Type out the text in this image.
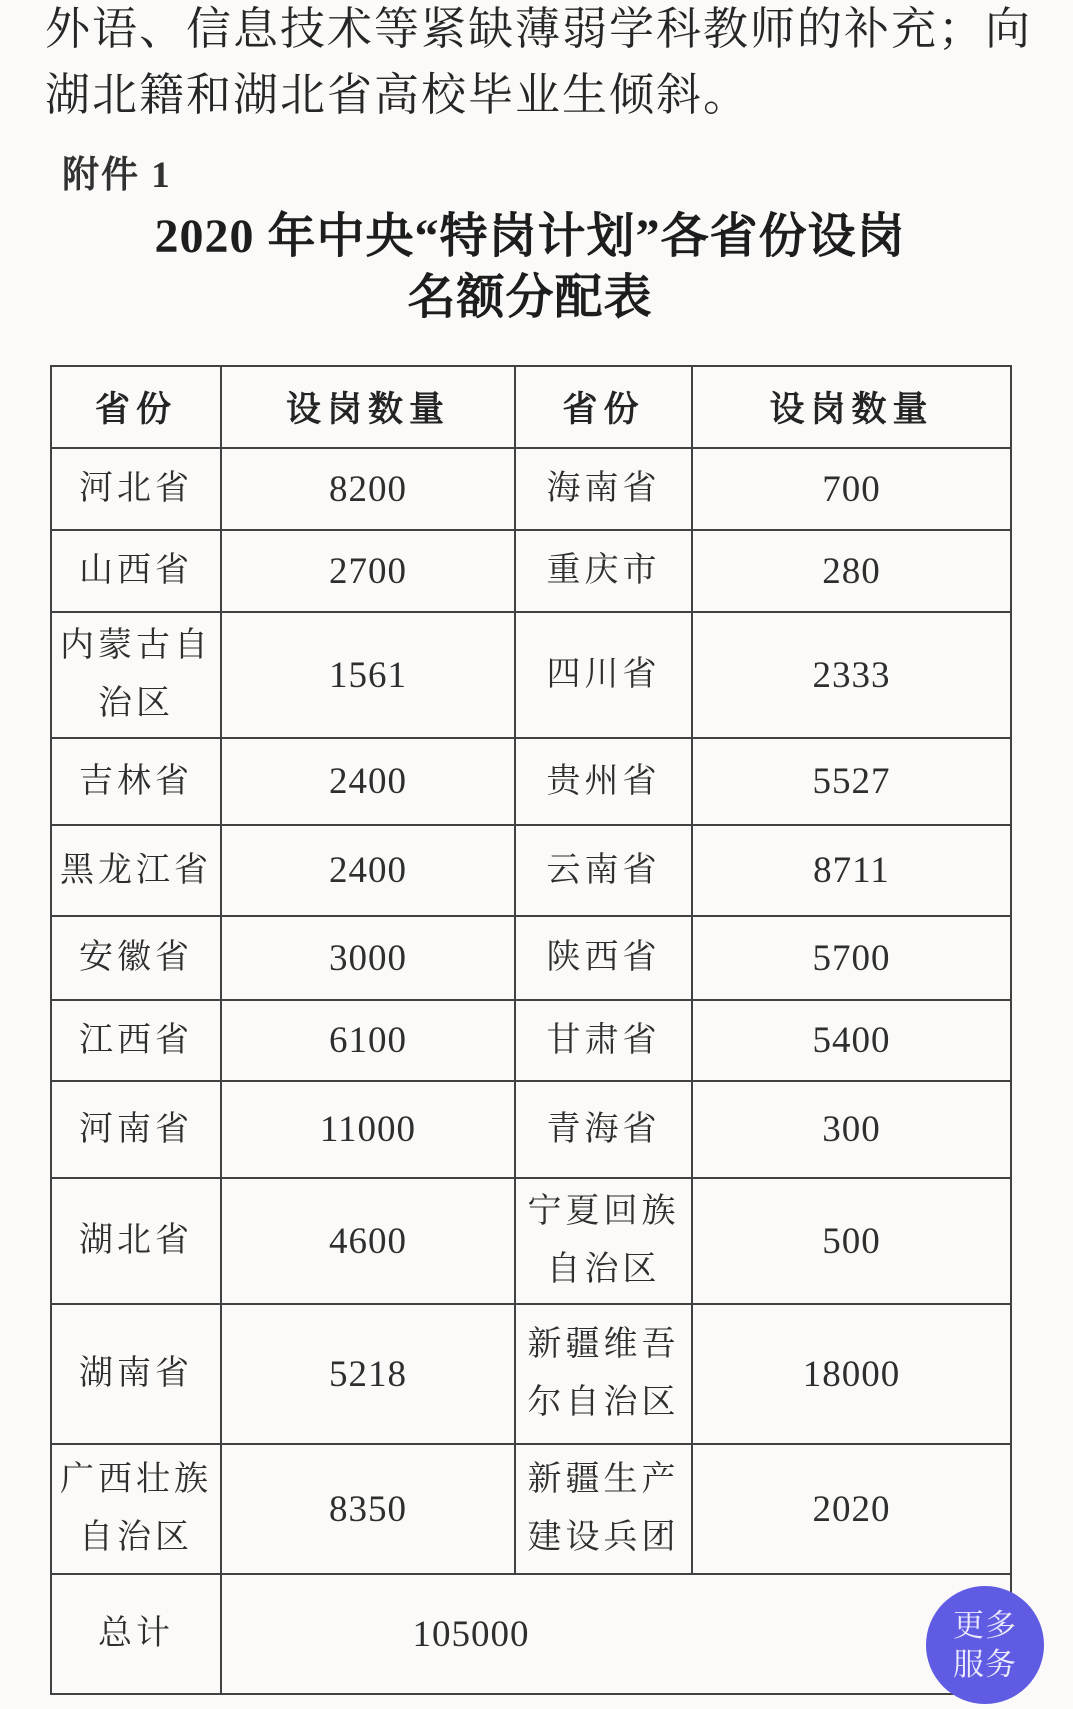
外语、信息技术等紧缺薄弱学科教师的补充；向
湖北籍和湖北省高校毕业生倾斜。
附件 1
2020 年中央“特岗计划”各省份设岗
名额分配表
省份	设岗数量	省份	设岗数量
河北省	8200	海南省	700
山西省	2700	重庆市	280
内蒙古自治区	1561	四川省	2333
吉林省	2400	贵州省	5527
黑龙江省	2400	云南省	8711
安徽省	3000	陕西省	5700
江西省	6100	甘肃省	5400
河南省	11000	青海省	300
湖北省	4600	宁夏回族自治区	500
湖南省	5218	新疆维吾尔自治区	18000
广西壮族自治区	8350	新疆生产建设兵团	2020
总计	105000			更多
服务
